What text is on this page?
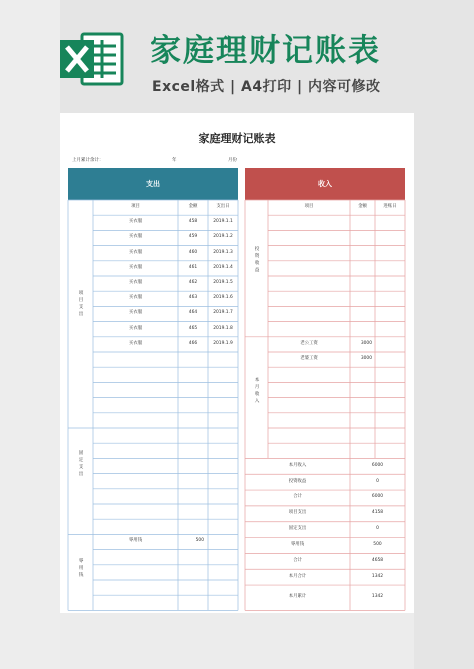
家庭理财记账表
Excel格式 | A4打印 | 内容可修改
家庭理财记账表
上月累计余计：	年	月份
支出	收入
项目	金额	支出日
买衣服	458	2019.1.1
买衣服	459	2019.1.2
买衣服	460	2019.1.3
买衣服	461	2019.1.4
买衣服	462	2019.1.5
买衣服	463	2019.1.6
买衣服	464	2019.1.7
买衣服	465	2019.1.8
买衣服	466	2019.1.9
项目支出
固定支出
零用钱
零用钱	500
项目	金额	进账日
投资收益
本月收入
老公工资	3000
老婆工资	3000
本月收入	6000
投资收益	0
合计	6000
项目支出	4158
固定支出	0
零用钱	500
合计	4658
本月合计	1342
本月累计	1342
